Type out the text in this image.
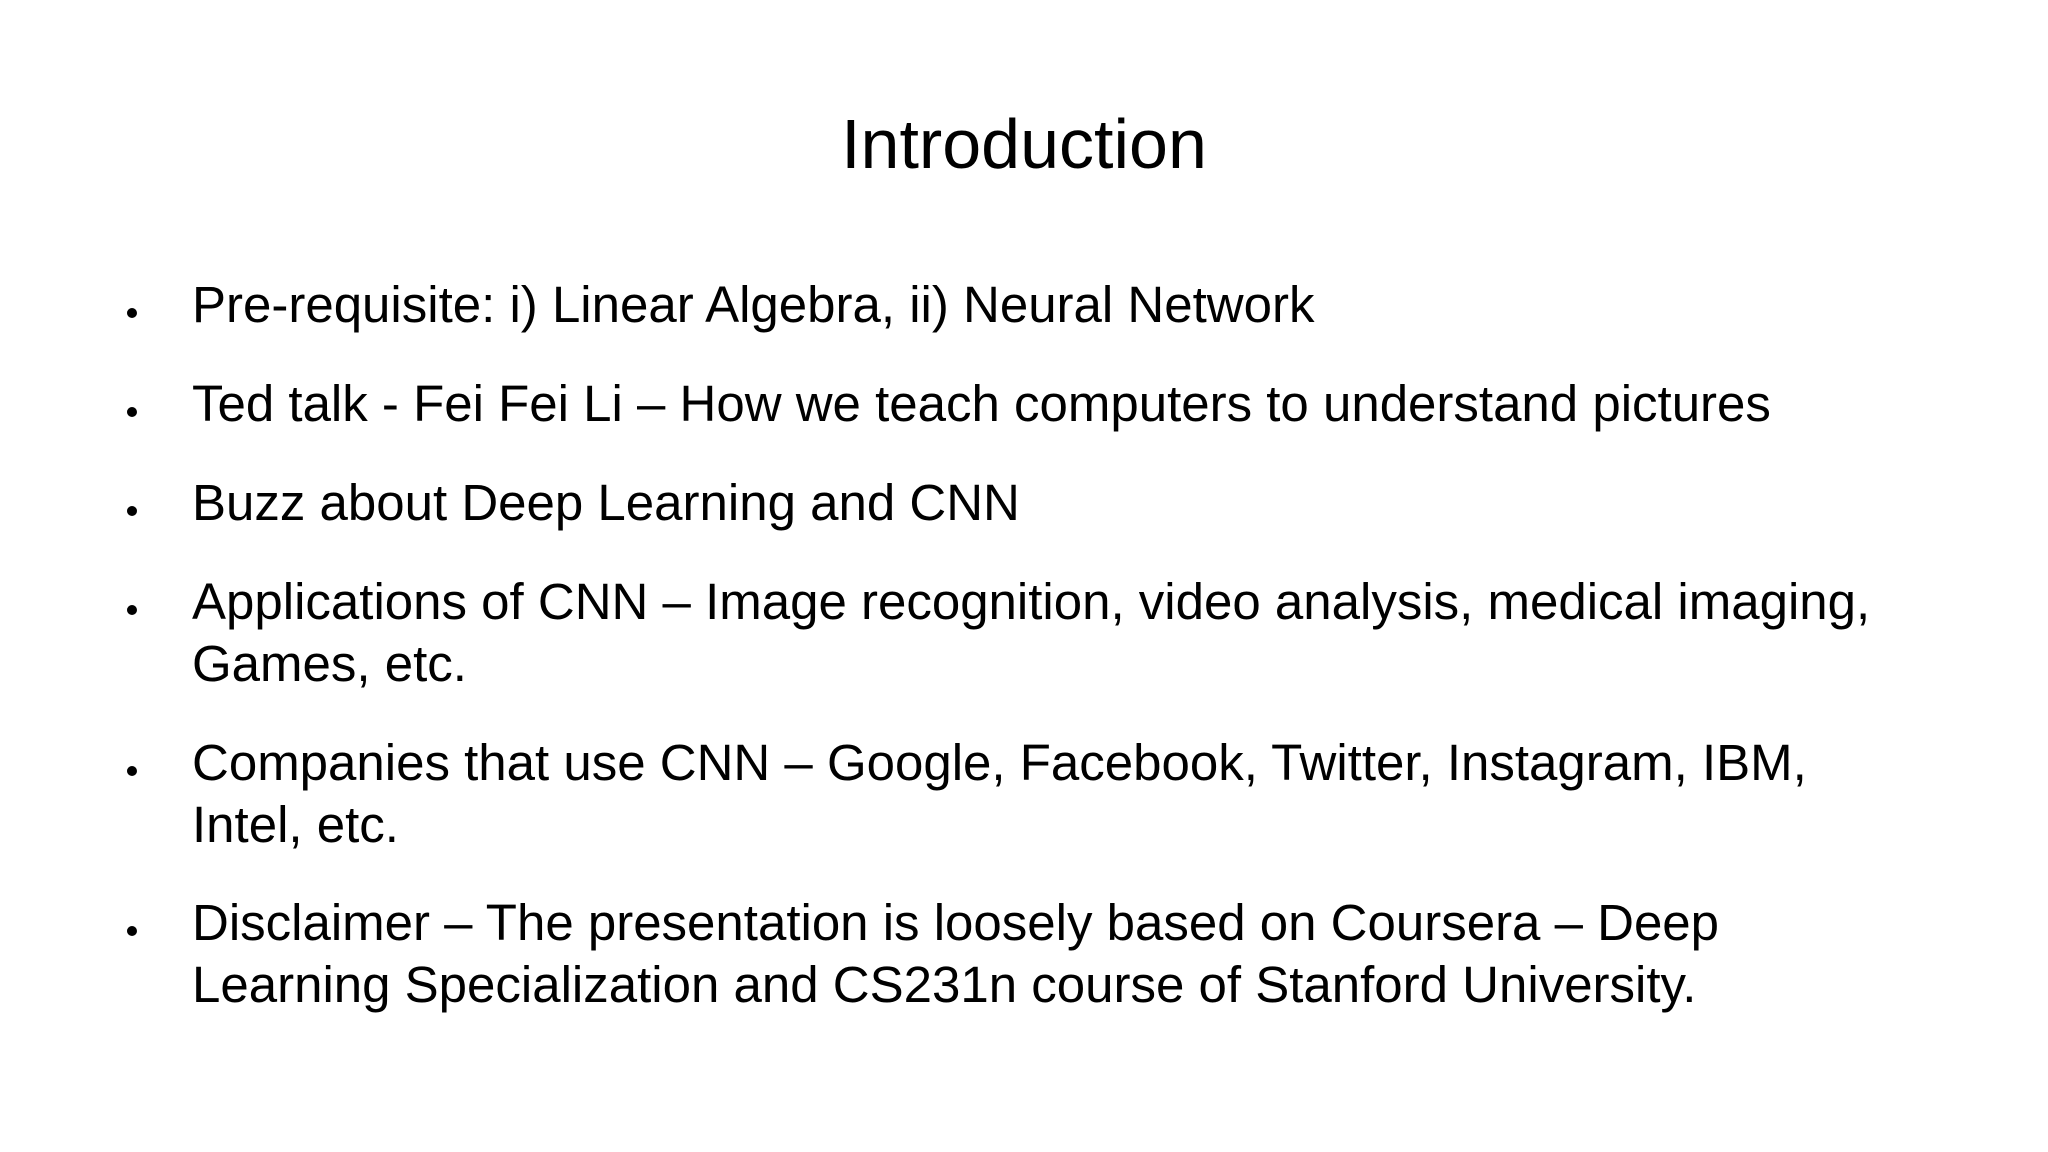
Introduction
Pre-requisite: i) Linear Algebra, ii) Neural Network
Ted talk - Fei Fei Li – How we teach computers to understand pictures
Buzz about Deep Learning and CNN
Applications of CNN – Image recognition, video analysis, medical imaging,
Games, etc.
Companies that use CNN – Google, Facebook, Twitter, Instagram, IBM,
Intel, etc.
Disclaimer – The presentation is loosely based on Coursera – Deep
Learning Specialization and CS231n course of Stanford University.
